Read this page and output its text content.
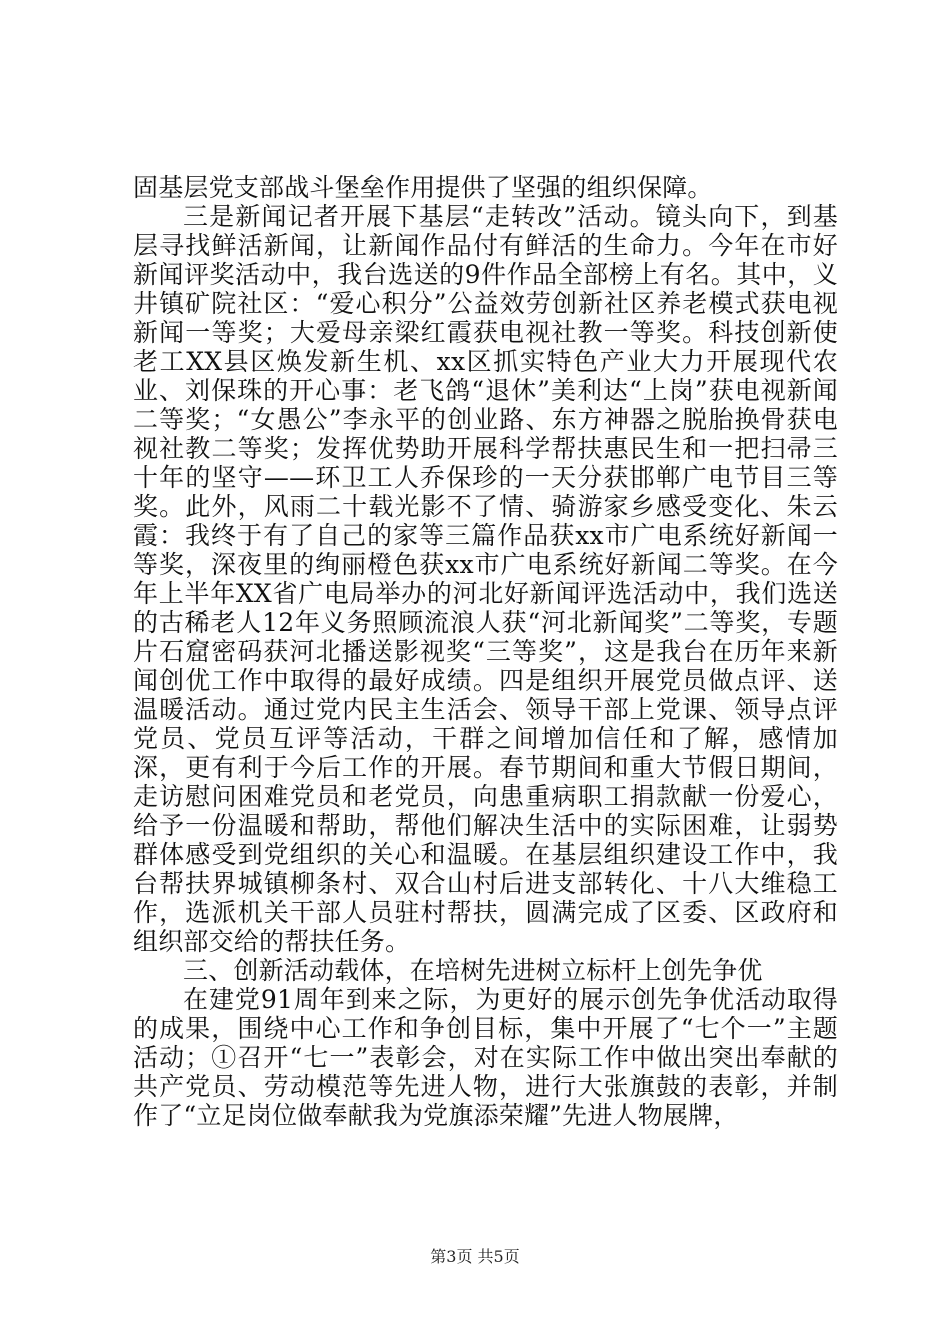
固基层党支部战斗堡垒作用提供了坚强的组织保障。

三是新闻记者开展下基层“走转改”活动。镜头向下，到基层寻找鲜活新闻，让新闻作品付有鲜活的生命力。今年在市好新闻评奖活动中，我台选送的9件作品全部榜上有名。其中，义井镇矿院社区：“爱心积分”公益效劳创新社区养老模式获电视新闻一等奖；大爱母亲梁红霞获电视社教一等奖。科技创新使老工XX县区焕发新生机、xx区抓实特色产业大力开展现代农业、刘保珠的开心事：老飞鸽“退休”美利达“上岗”获电视新闻二等奖；“女愚公”李永平的创业路、东方神器之脱胎换骨获电视社教二等奖；发挥优势助开展科学帮扶惠民生和一把扫帚三十年的坚守——环卫工人乔保珍的一天分获邯郸广电节目三等奖。此外，风雨二十载光影不了情、骑游家乡感受变化、朱云霞：我终于有了自己的家等三篇作品获xx市广电系统好新闻一等奖，深夜里的绚丽橙色获xx市广电系统好新闻二等奖。在今年上半年XX省广电局举办的河北好新闻评选活动中，我们选送的古稀老人12年义务照顾流浪人获“河北新闻奖”二等奖，专题片石窟密码获河北播送影视奖“三等奖”，这是我台在历年来新闻创优工作中取得的最好成绩。四是组织开展党员做点评、送温暖活动。通过党内民主生活会、领导干部上党课、领导点评党员、党员互评等活动，干群之间增加信任和了解，感情加深，更有利于今后工作的开展。春节期间和重大节假日期间，走访慰问困难党员和老党员，向患重病职工捐款献一份爱心，给予一份温暖和帮助，帮他们解决生活中的实际困难，让弱势群体感受到党组织的关心和温暖。在基层组织建设工作中，我台帮扶界城镇柳条村、双合山村后进支部转化、十八大维稳工作，选派机关干部人员驻村帮扶，圆满完成了区委、区政府和组织部交给的帮扶任务。

三、创新活动载体，在培树先进树立标杆上创先争优

在建党91周年到来之际，为更好的展示创先争优活动取得的成果，围绕中心工作和争创目标，集中开展了“七个一”主题活动；①召开“七一”表彰会，对在实际工作中做出突出奉献的共产党员、劳动模范等先进人物，进行大张旗鼓的表彰，并制作了“立足岗位做奉献我为党旗添荣耀”先进人物展牌，

第3页 共5页
